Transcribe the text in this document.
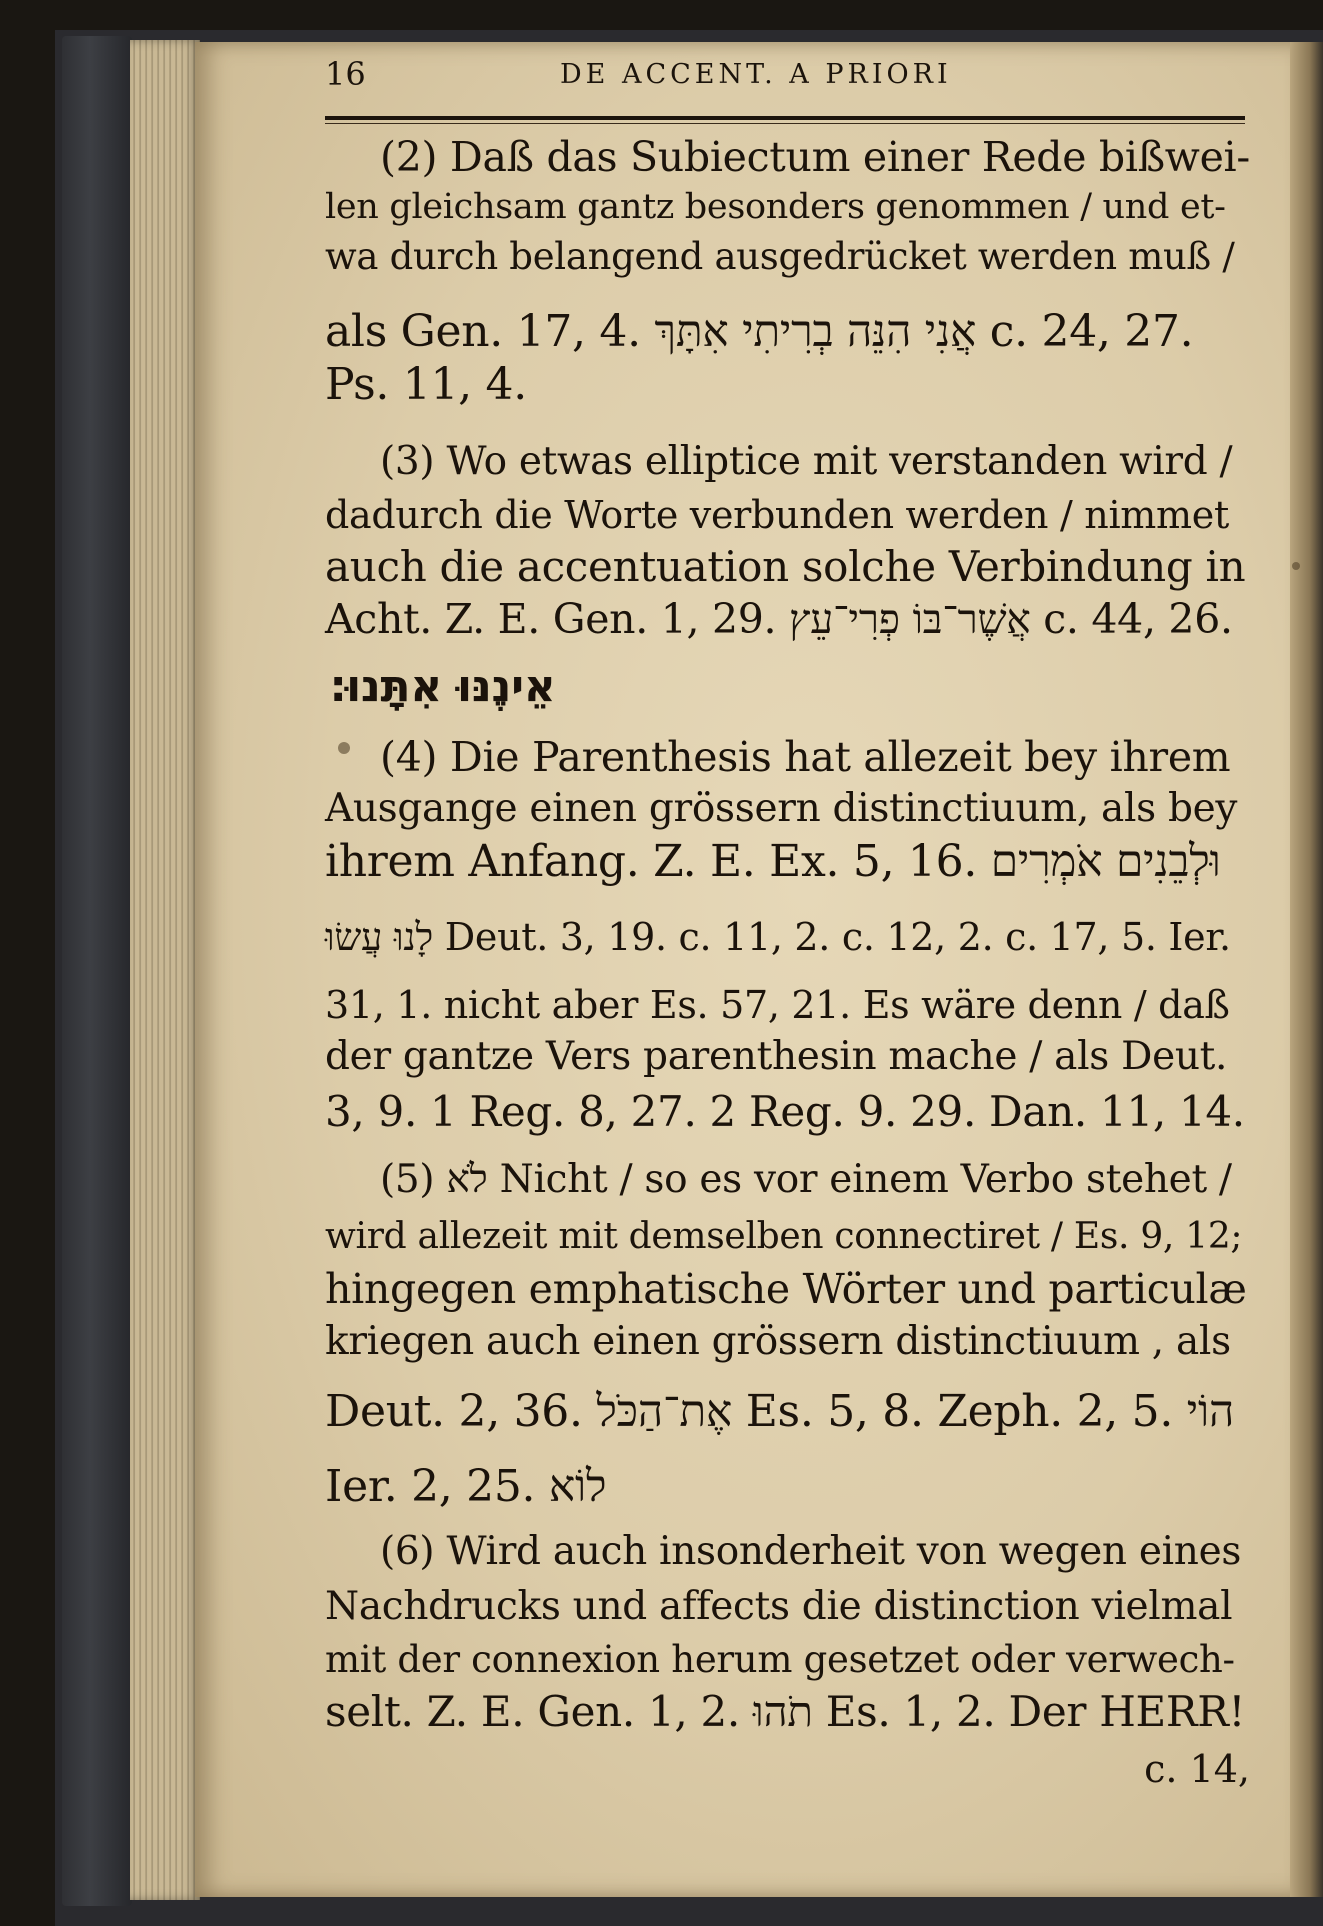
16	DE ACCENT. A PRIORI
(2) Daß das Subiectum einer Rede bißwei-
len gleichsam gantz besonders genommen / und et-
wa durch belangend ausgedrücket werden muß /
als Gen. 17, 4. אֲנִי הִנֵּה בְרִיתִי אִתָּךְ c. 24, 27.
Ps. 11, 4.
(3) Wo etwas elliptice mit verstanden wird /
dadurch die Worte verbunden werden / nimmet
auch die accentuation solche Verbindung in
Acht. Z. E. Gen. 1, 29. אֲשֶׁר־בּוֹ פְרִי־עֵץ c. 44, 26.
אֵינֶנּוּ אִתָּנוּ׃
(4) Die Parenthesis hat allezeit bey ihrem
Ausgange einen grössern distinctiuum, als bey
ihrem Anfang. Z. E. Ex. 5, 16. וּלְבֵנִים אֹמְרִים
לָנוּ עֲשׂוּ Deut. 3, 19. c. 11, 2. c. 12, 2. c. 17, 5. Ier.
31, 1. nicht aber Es. 57, 21. Es wäre denn / daß
der gantze Vers parenthesin mache / als Deut.
3, 9. 1 Reg. 8, 27. 2 Reg. 9. 29. Dan. 11, 14.
(5) לֹא Nicht / so es vor einem Verbo stehet /
wird allezeit mit demselben connectiret / Es. 9, 12;
hingegen emphatische Wörter und particulæ
kriegen auch einen grössern distinctiuum , als
Deut. 2, 36. אֶת־הַכֹּל Es. 5, 8. Zeph. 2, 5. הוֹי
Ier. 2, 25. לוֹא
(6) Wird auch insonderheit von wegen eines
Nachdrucks und affects die distinction vielmal
mit der connexion herum gesetzet oder verwech-
selt. Z. E. Gen. 1, 2. תֹהוּ Es. 1, 2. Der HERR!
c. 14,
